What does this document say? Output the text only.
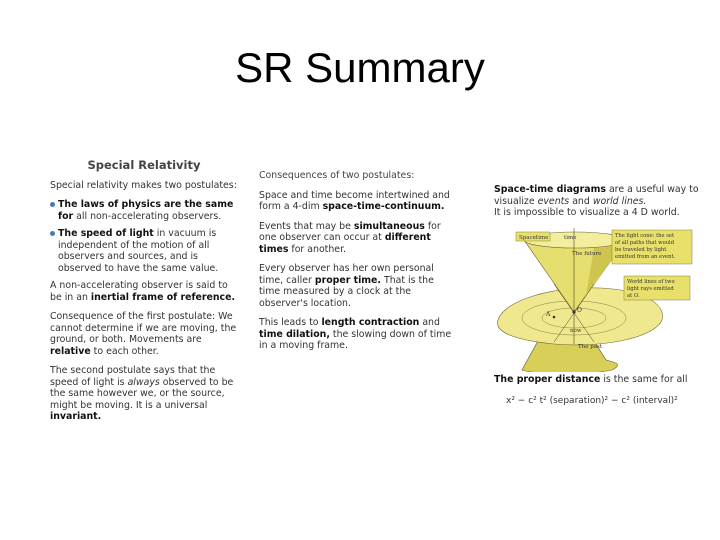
SR Summary

Special Relativity

Special relativity makes two postulates:

The laws of physics are the same for all non-accelerating observers.
The speed of light in vacuum is independent of the motion of all observers and sources, and is observed to have the same value.

A non-accelerating observer is said to be in an inertial frame of reference.

Consequence of the first postulate: We cannot determine if we are moving, the ground, or both. Movements are relative to each other.

The second postulate says that the speed of light is always observed to be the same however we, or the source, might be moving. It is a universal invariant.

Consequences of two postulates:

Space and time become intertwined and form a 4-dim space-time-continuum.

Events that may be simultaneous for one observer can occur at different times for another.

Every observer has her own personal time, caller proper time. That is the time measured by a clock at the observer's location.

This leads to length contraction and time dilation, the slowing down of time in a moving frame.

Space-time diagrams are a useful way to visualize events and world lines.
It is impossible to visualize a 4 D world.

Spacetime	time
The future
The light cone: the set
of all paths that would
be traveled by light
emitted from an event.
World lines of two
light rays emitted
at O.
O
A
now
The past
The proper distance is the same for all
x² − c² t² (separation)² − c² (interval)²
